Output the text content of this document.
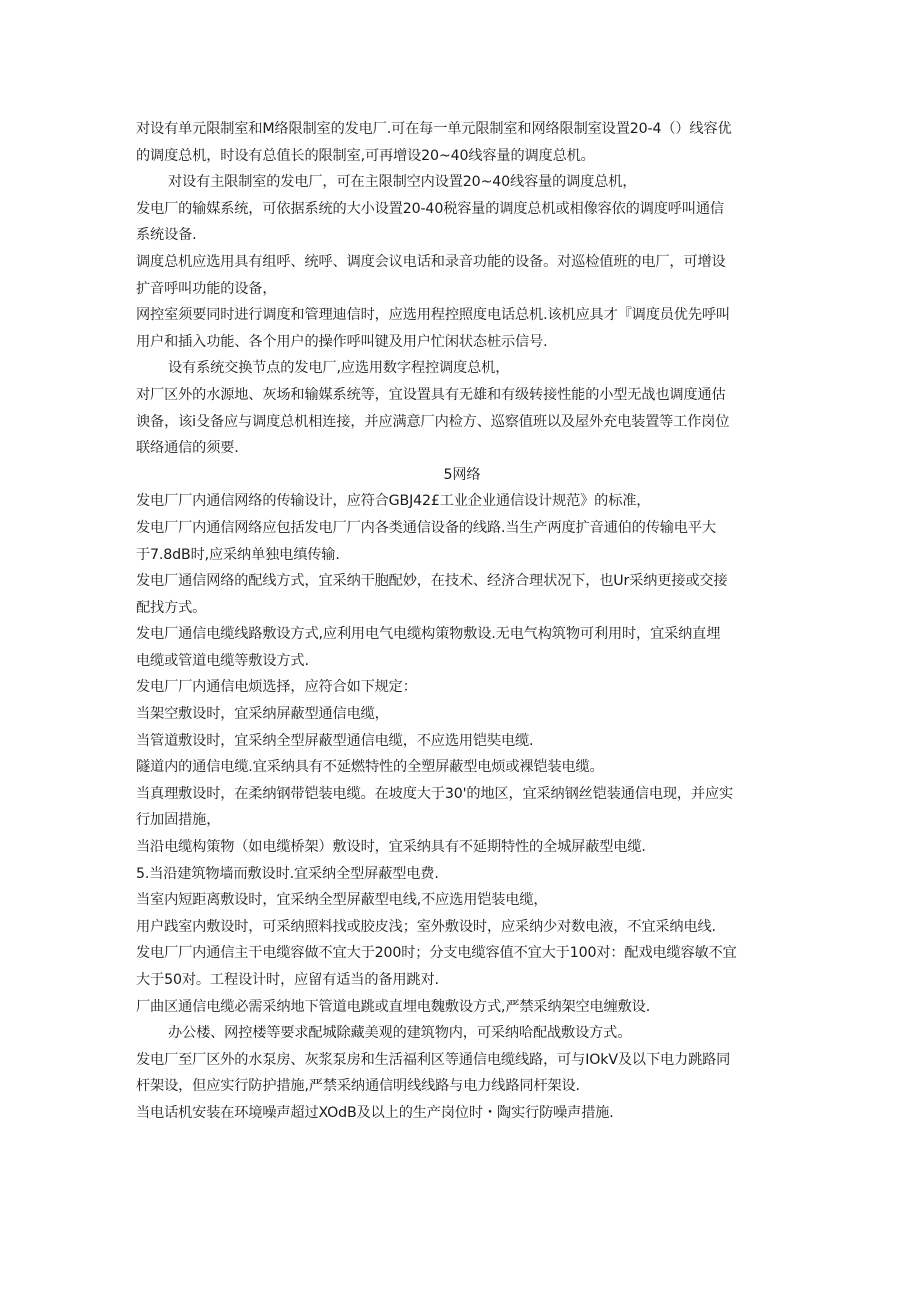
对设有单元限制室和M络限制室的发电厂.可在每一单元限制室和网络限制室设置20-4（）线容优
的调度总机，时设有总值长的限制室,可再增设20~40线容量的调度总机。
对设有主限制室的发电厂，可在主限制空内设置20~40线容量的调度总机，
发电厂的输媒系统，可依据系统的大小设置20-40税容量的调度总机或相像容依的调度呼叫通信
系统设备.
调度总机应选用具有组呼、统呼、调度会议电话和录音功能的设备。对巡检值班的电厂，可增设
扩音呼叫功能的设备，
网控室须要同时进行调度和管理迪信时，应选用程控照度电话总机.该机应具才『调度员优先呼叫
用户和插入功能、各个用户的操作呼叫键及用户忙闲状态桩示信号.
设有系统交换节点的发电厂,应选用数字程控调度总机，
对厂区外的水源地、灰场和输媒系统等，宜设置具有无雄和有级转接性能的小型无战也调度通估
谀备，该i殳备应与调度总机相连接，并应满意厂内检方、巡察值班以及屋外充电装置等工作岗位
联络通信的须要.
5网络
发电厂厂内通信网络的传输设计，应符合GBJ42£工业企业通信设计规范》的标准，
发电厂厂内通信网络应包括发电厂厂内各类通信设备的线路.当生产两度扩音逋伯的传输电平大
于7.8dB时,应采纳单独电缜传输.
发电厂通信网络的配线方式，宜采纳干胞配妙，在技术、经济合理状况下，也Ur采纳更接或交接
配找方式。
发电厂通信电缆线路敷设方式,应利用电气电缆构策物敷设.无电气构筑物可利用时，宜采纳直埋
电缆或管道电缆等敷设方式.
发电厂厂内通信电烦选择，应符合如下规定：
当架空敷设时，宜采纳屏蔽型通信电缆，
当管道敷设时，宜采纳全型屏蔽型通信电缆，不应选用铠奘电缆.
隧道内的通信电缆.宜采纳具有不延燃特性的全塑屏蔽型电烦或裸铠装电缆。
当真理敷设时，在柔纳钢带铠装电缆。在坡度大于30'的地区，宜采纳钢丝铠装通信电现，并应实
行加固措施，
当沿电缆构策物（如电缆桥架）敷设时，宜采纳具有不延期特性的全城屏蔽型电缆.
5.当沿建筑物墙而敷设时.宜采纳全型屏蔽型电费.
当室内短距离敷设时，宜采纳全型屏蔽型电线,不应选用铠装电缆，
用户践室内敷设时，可采纳照料找或胶皮浅；室外敷设时，应采纳少对数电液，不宜采纳电线.
发电厂厂内通信主干电缆容做不宜大于200时；分支电缆容值不宜大于100对：配戏电缆容敏不宜
大于50对。工程设计时，应留有适当的备用跳对.
厂曲区通信电缆必需采纳地下管道电跳或直埋电魏敷设方式,严禁采纳架空电缠敷设.
办公楼、网控楼等要求配城除藏美观的建筑物内，可采纳哈配战敷设方式。
发电厂至厂区外的水泵房、灰浆泵房和生活福利区等通信电缆线路，可与IOkV及以下电力跳路同
杆架设，但应实行防护措施,严禁采纳通信明线线路与电力线路同杆架设.
当电话机安装在环境噪声超过XOdB及以上的生产岗位时・陶实行防噪声措施.
